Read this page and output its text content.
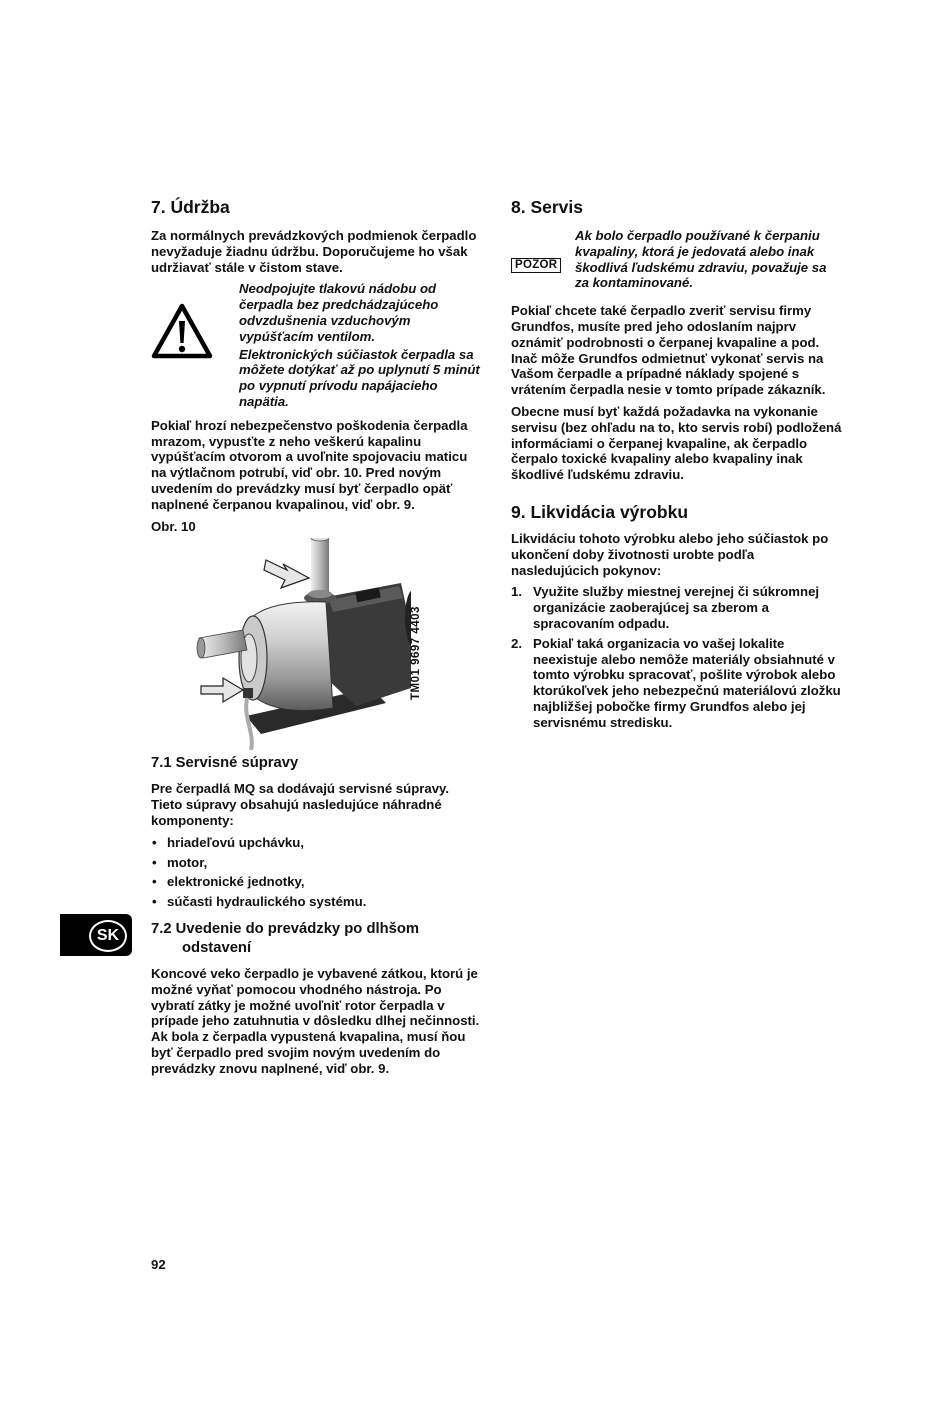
7. Údržba

Za normálnych prevádzkových podmienok čerpadlo nevyžaduje žiadnu údržbu. Doporučujeme ho však udržiavať stále v čistom stave.

Neodpojujte tlakovú nádobu od čerpadla bez predchádzajúceho odvzdušnenia vzduchovým vypúšťacím ventilom.

Elektronických súčiastok čerpadla sa môžete dotýkať až po uplynutí 5 minút po vypnutí prívodu napájacieho napätia.

Pokiaľ hrozí nebezpečenstvo poškodenia čerpadla mrazom, vypusťte z neho veškerú kapalinu vypúšťacím otvorom a uvoľnite spojovaciu maticu na výtlačnom potrubí, viď obr. 10. Pred novým uvedením do prevádzky musí byť čerpadlo opäť naplnené čerpanou kvapalinou, viď obr. 9.

Obr. 10

TM01 9697 4403
7.1 Servisné súpravy

Pre čerpadlá MQ sa dodávajú servisné súpravy. Tieto súpravy obsahujú nasledujúce náhradné komponenty:

• hriadeľovú upchávku,
• motor,
• elektronické jednotky,
• súčasti hydraulického systému.
7.2 Uvedenie do prevádzky po dlhšom odstavení

Koncové veko čerpadlo je vybavené zátkou, ktorú je možné vyňať pomocou vhodného nástroja. Po vybratí zátky je možné uvoľniť rotor čerpadla v prípade jeho zatuhnutia v dôsledku dlhej nečinnosti. Ak bola z čerpadla vypustená kvapalina, musí ňou byť čerpadlo pred svojim novým uvedením do prevádzky znovu naplnené, viď obr. 9.

8. Servis
POZOR
Ak bolo čerpadlo používané k čerpaniu kvapaliny, ktorá je jedovatá alebo inak škodlivá ľudskému zdraviu, považuje sa za kontaminované.

Pokiaľ chcete také čerpadlo zveriť servisu firmy Grundfos, musíte pred jeho odoslaním najprv oznámiť podrobnosti o čerpanej kvapaline a pod. Inač môže Grundfos odmietnuť vykonať servis na Vašom čerpadle a prípadné náklady spojené s vrátením čerpadla nesie v tomto prípade zákazník.

Obecne musí byť každá požadavka na vykonanie servisu (bez ohľadu na to, kto servis robí) podložená informáciami o čerpanej kvapaline, ak čerpadlo čerpalo toxické kvapaliny alebo kvapaliny inak škodlivé ľudskému zdraviu.

9. Likvidácia výrobku

Likvidáciu tohoto výrobku alebo jeho súčiastok po ukončení doby životnosti urobte podľa nasledujúcich pokynov:

1. Využite služby miestnej verejnej či súkromnej organizácie zaoberajúcej sa zberom a spracovaním odpadu.
2. Pokiaľ taká organizacia vo vašej lokalite neexistuje alebo nemôže materiály obsiahnuté v tomto výrobku spracovať, pošlite výrobok alebo ktorúkoľvek jeho nebezpečnú materiálovú zložku najbližšej pobočke firmy Grundfos alebo jej servisnému stredisku.
SK
92
